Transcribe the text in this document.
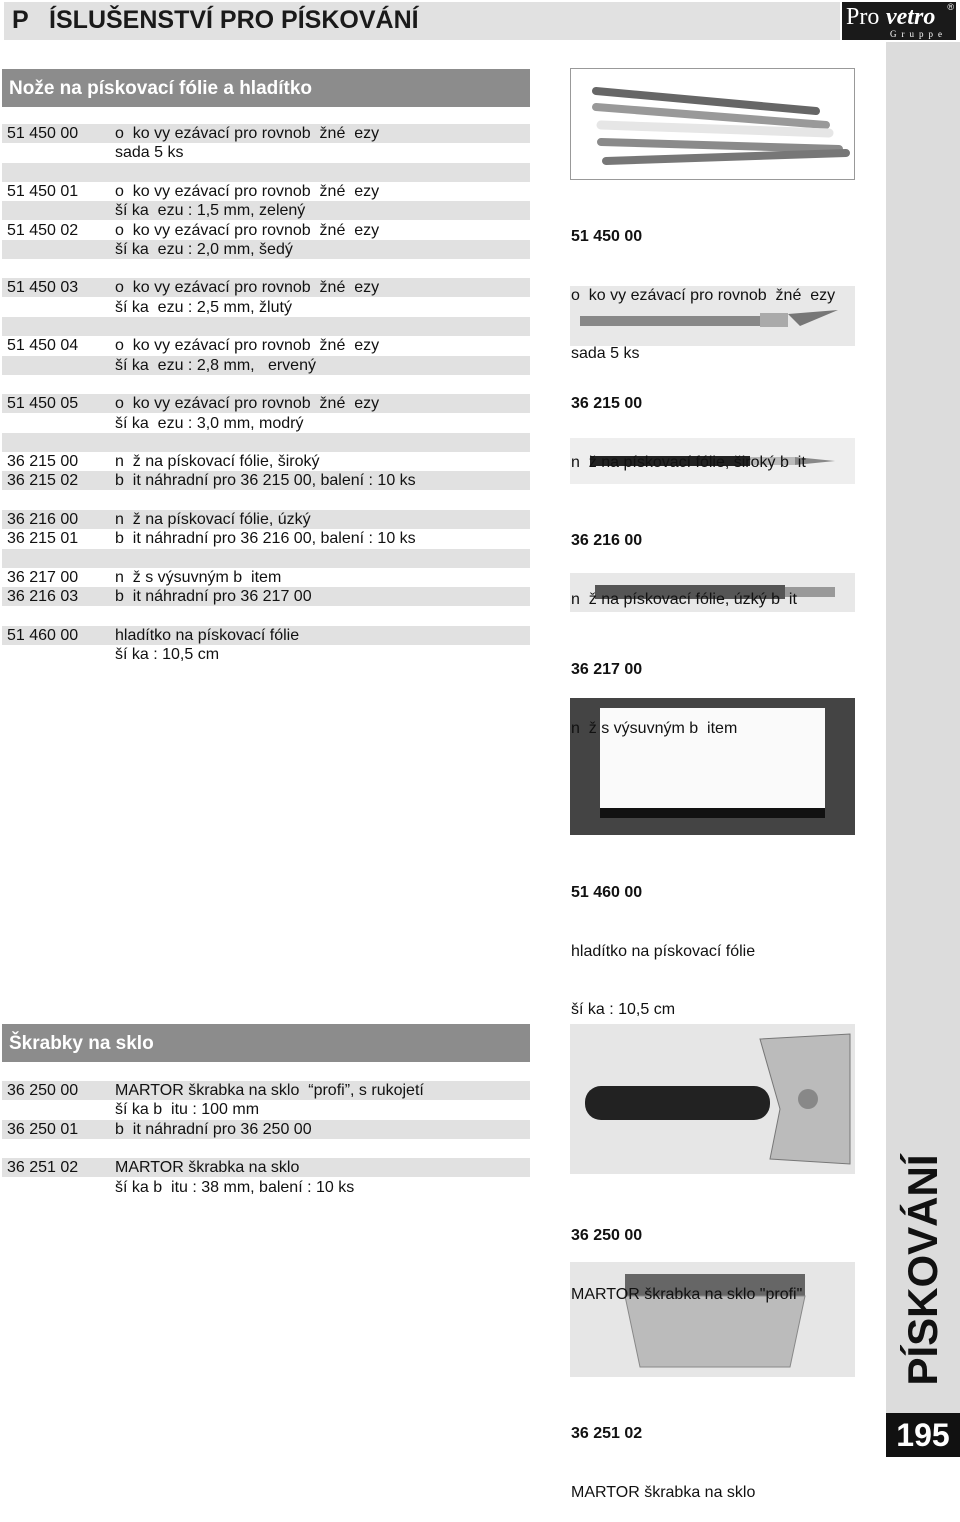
P   ÍSLUŠENSTVÍ PRO PÍSKOVÁNÍ	Pro vetro ®
Gruppe
PÍSKOVÁNÍ
195
Nože na pískovací fólie a hladítko
51 450 00 o  ko vy ezávací pro rovnob  žné  ezy
sada 5 ks
51 450 01 o  ko vy ezávací pro rovnob  žné  ezy
ší ka  ezu : 1,5 mm, zelený
51 450 02 o  ko vy ezávací pro rovnob  žné  ezy
ší ka  ezu : 2,0 mm, šedý
51 450 03 o  ko vy ezávací pro rovnob  žné  ezy
ší ka  ezu : 2,5 mm, žlutý
51 450 04 o  ko vy ezávací pro rovnob  žné  ezy
ší ka  ezu : 2,8 mm,   ervený
51 450 05 o  ko vy ezávací pro rovnob  žné  ezy
ší ka  ezu : 3,0 mm, modrý
36 215 00 n  ž na pískovací fólie, široký
36 215 02 b  it náhradní pro 36 215 00, balení : 10 ks
36 216 00 n  ž na pískovací fólie, úzký
36 215 01 b  it náhradní pro 36 216 00, balení : 10 ks
36 217 00 n  ž s výsuvným b  item
36 216 03 b  it náhradní pro 36 217 00
51 460 00 hladítko na pískovací fólie
ší ka : 10,5 cm
Škrabky na sklo
36 250 00 MARTOR škrabka na sklo  “profi”, s rukojetí
ší ka b  itu : 100 mm
36 250 01 b  it náhradní pro 36 250 00
36 251 02 MARTOR škrabka na sklo
ší ka b  itu : 38 mm, balení : 10 ks

51 450 00

o  ko vy ezávací pro rovnob  žné  ezy

sada 5 ks

36 215 00

n  ž na pískovací fólie, široký b  it

36 216 00

n  ž na pískovací fólie, úzký b  it

36 217 00

n  ž s výsuvným b  item

51 460 00

hladítko na pískovací fólie

ší ka : 10,5 cm

36 250 00

MARTOR škrabka na sklo "profi"

36 251 02

MARTOR škrabka na sklo
